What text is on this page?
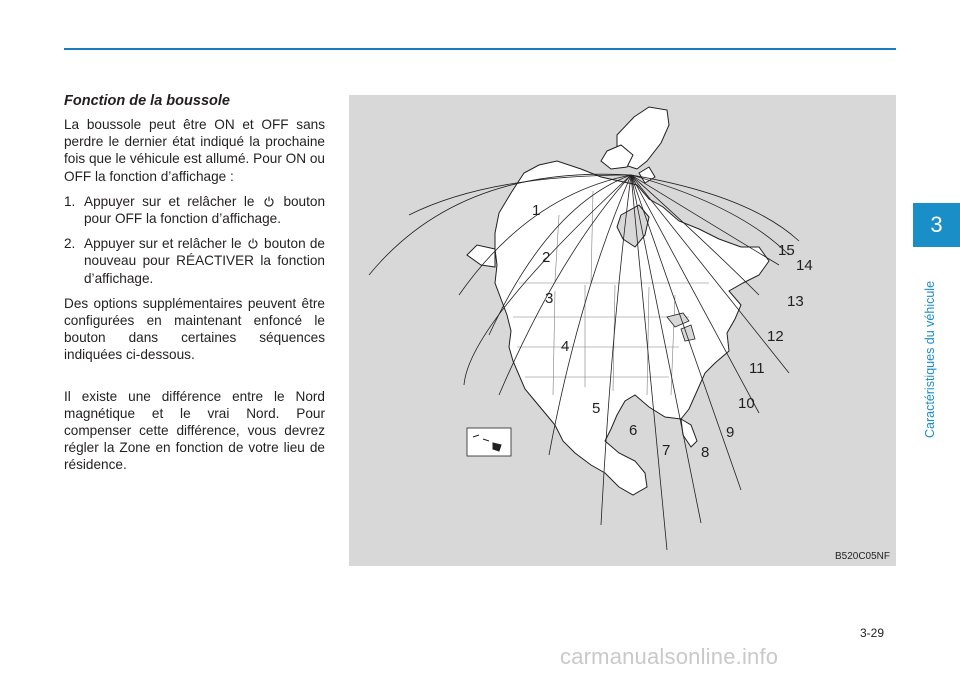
Fonction de la boussole

La boussole peut être ON et OFF sans perdre le dernier état indiqué la prochaine fois que le véhicule est allumé. Pour ON ou OFF la fonction d’affichage :

1. Appuyer sur et relâcher le bouton pour OFF la fonction d’affichage.
2. Appuyer sur et relâcher le bouton de nouveau pour RÉACTIVER la fonction d’affichage.

Des options supplémentaires peuvent être configurées en maintenant enfoncé le bouton dans certaines séquences indiquées ci-dessous.

Il existe une différence entre le Nord magnétique et le vrai Nord. Pour compenser cette différence, vous devrez régler la Zone en fonction de votre lieu de résidence.

1
2
3
4
5
6
7 8
9
10
11
12
13
14
15
B520C05NF
3
Caractéristiques du véhicule
3-29
carmanualsonline.info
